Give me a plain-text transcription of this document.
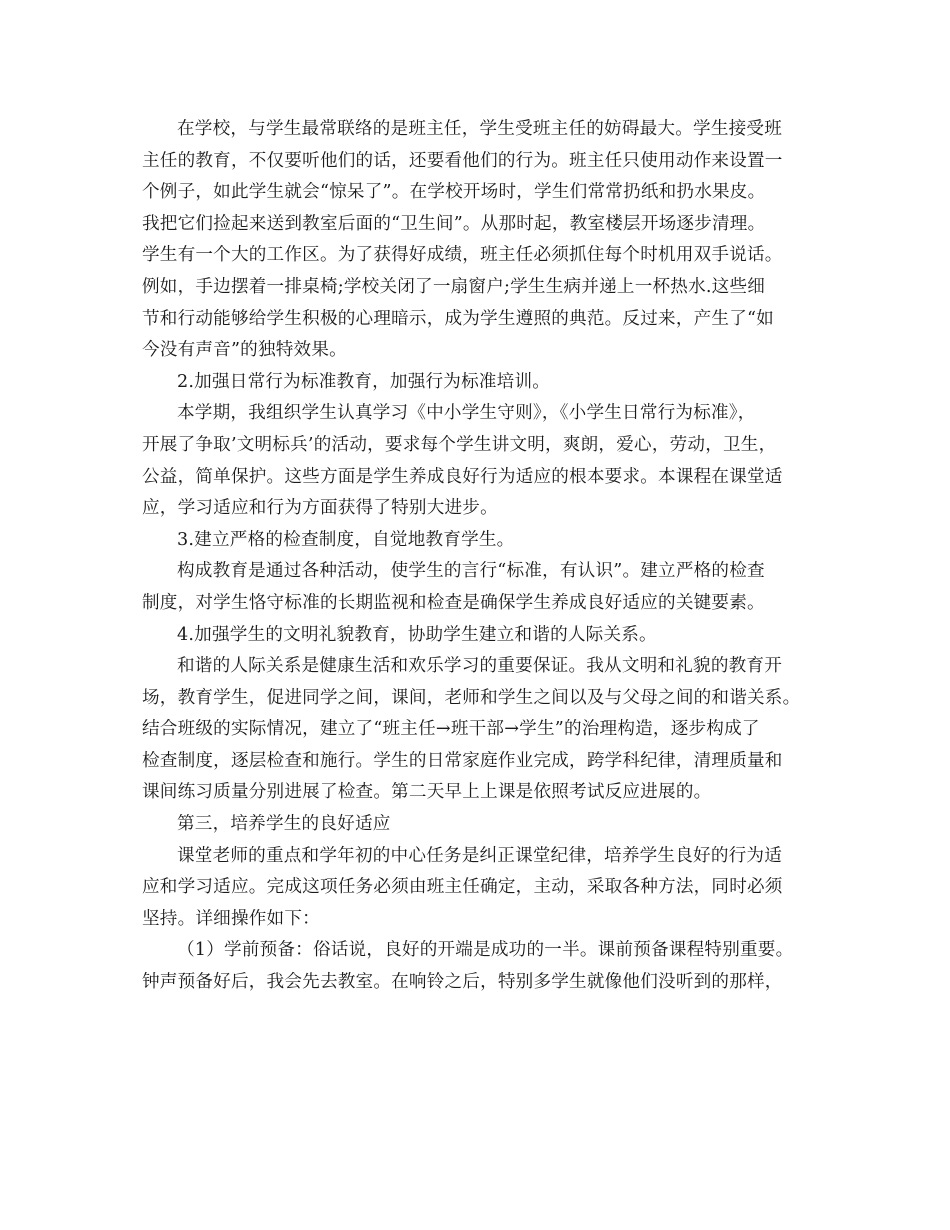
在学校，与学生最常联络的是班主任，学生受班主任的妨碍最大。学生接受班
主任的教育，不仅要听他们的话，还要看他们的行为。班主任只使用动作来设置一
个例子，如此学生就会“惊呆了”。在学校开场时，学生们常常扔纸和扔水果皮。
我把它们捡起来送到教室后面的“卫生间”。从那时起，教室楼层开场逐步清理。
学生有一个大的工作区。为了获得好成绩，班主任必须抓住每个时机用双手说话。
例如，手边摆着一排桌椅;学校关闭了一扇窗户;学生生病并递上一杯热水.这些细
节和行动能够给学生积极的心理暗示，成为学生遵照的典范。反过来，产生了“如
今没有声音”的独特效果。
2.加强日常行为标准教育，加强行为标准培训。
本学期，我组织学生认真学习《中小学生守则》，《小学生日常行为标准》，
开展了争取’文明标兵’的活动，要求每个学生讲文明，爽朗，爱心，劳动，卫生，
公益，简单保护。这些方面是学生养成良好行为适应的根本要求。本课程在课堂适
应，学习适应和行为方面获得了特别大进步。
3.建立严格的检查制度，自觉地教育学生。
构成教育是通过各种活动，使学生的言行“标准，有认识”。建立严格的检查
制度，对学生恪守标准的长期监视和检查是确保学生养成良好适应的关键要素。
4.加强学生的文明礼貌教育，协助学生建立和谐的人际关系。
和谐的人际关系是健康生活和欢乐学习的重要保证。我从文明和礼貌的教育开
场，教育学生，促进同学之间，课间，老师和学生之间以及与父母之间的和谐关系。
结合班级的实际情况，建立了“班主任→班干部→学生”的治理构造，逐步构成了
检查制度，逐层检查和施行。学生的日常家庭作业完成，跨学科纪律，清理质量和
课间练习质量分别进展了检查。第二天早上上课是依照考试反应进展的。
第三，培养学生的良好适应
课堂老师的重点和学年初的中心任务是纠正课堂纪律，培养学生良好的行为适
应和学习适应。完成这项任务必须由班主任确定，主动，采取各种方法，同时必须
坚持。详细操作如下：
（1）学前预备：俗话说，良好的开端是成功的一半。课前预备课程特别重要。
钟声预备好后，我会先去教室。在响铃之后，特别多学生就像他们没听到的那样，
